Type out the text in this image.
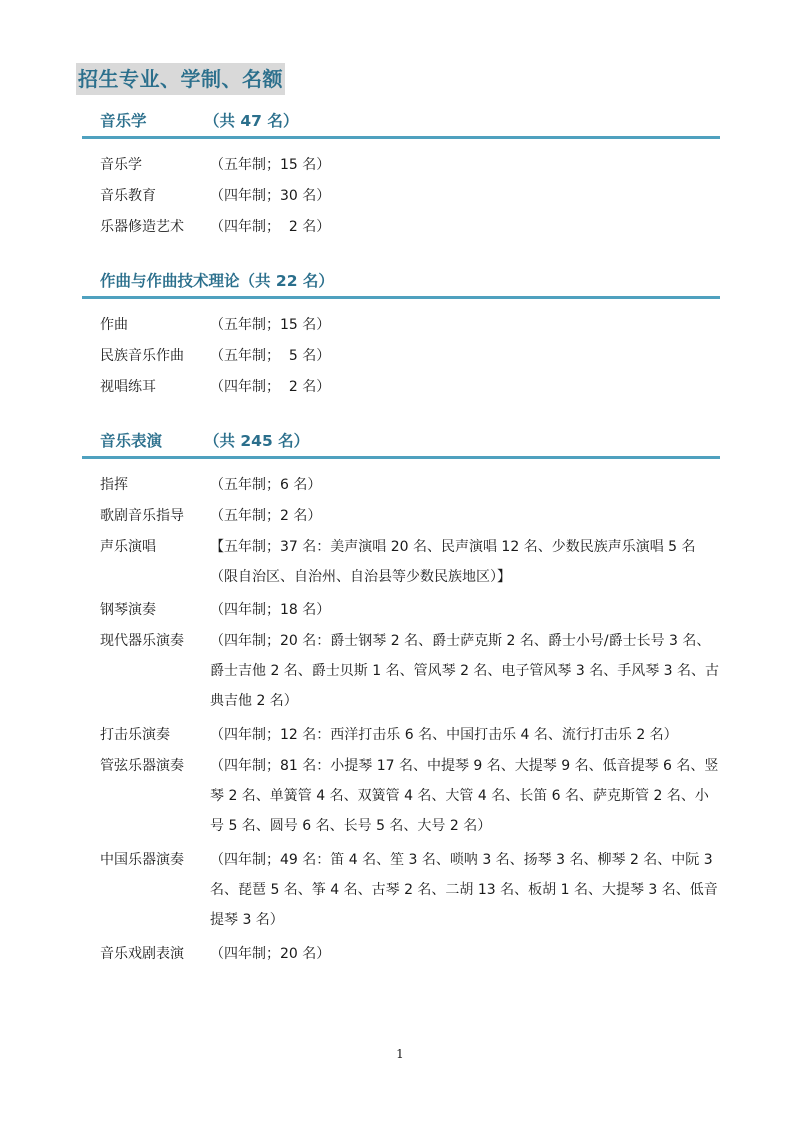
招生专业、学制、名额
音乐学	（共 47 名）
音乐学	（五年制；15 名）
音乐教育	（四年制；30 名）
乐器修造艺术 （四年制；  2 名）
作曲与作曲技术理论（共 22 名）
作曲	（五年制；15 名）
民族音乐作曲 （五年制；  5 名）
视唱练耳	（四年制；  2 名）
音乐表演	（共 245 名）
指挥	（五年制；6 名）
歌剧音乐指导 （五年制；2 名）
声乐演唱	【五年制；37 名：美声演唱 20 名、民声演唱 12 名、少数民族声乐演唱 5 名（限自治区、自治州、自治县等少数民族地区）】
钢琴演奏	（四年制；18 名）
现代器乐演奏 （四年制；20 名：爵士钢琴 2 名、爵士萨克斯 2 名、爵士小号/爵士长号 3 名、爵士吉他 2 名、爵士贝斯 1 名、管风琴 2 名、电子管风琴 3 名、手风琴 3 名、古典吉他 2 名）
打击乐演奏	（四年制；12 名：西洋打击乐 6 名、中国打击乐 4 名、流行打击乐 2 名）
管弦乐器演奏 （四年制；81 名：小提琴 17 名、中提琴 9 名、大提琴 9 名、低音提琴 6 名、竖琴 2 名、单簧管 4 名、双簧管 4 名、大管 4 名、长笛 6 名、萨克斯管 2 名、小号 5 名、圆号 6 名、长号 5 名、大号 2 名）
中国乐器演奏 （四年制；49 名：笛 4 名、笙 3 名、唢呐 3 名、扬琴 3 名、柳琴 2 名、中阮 3 名、琵琶 5 名、筝 4 名、古琴 2 名、二胡 13 名、板胡 1 名、大提琴 3 名、低音提琴 3 名）
音乐戏剧表演 （四年制；20 名）
1
